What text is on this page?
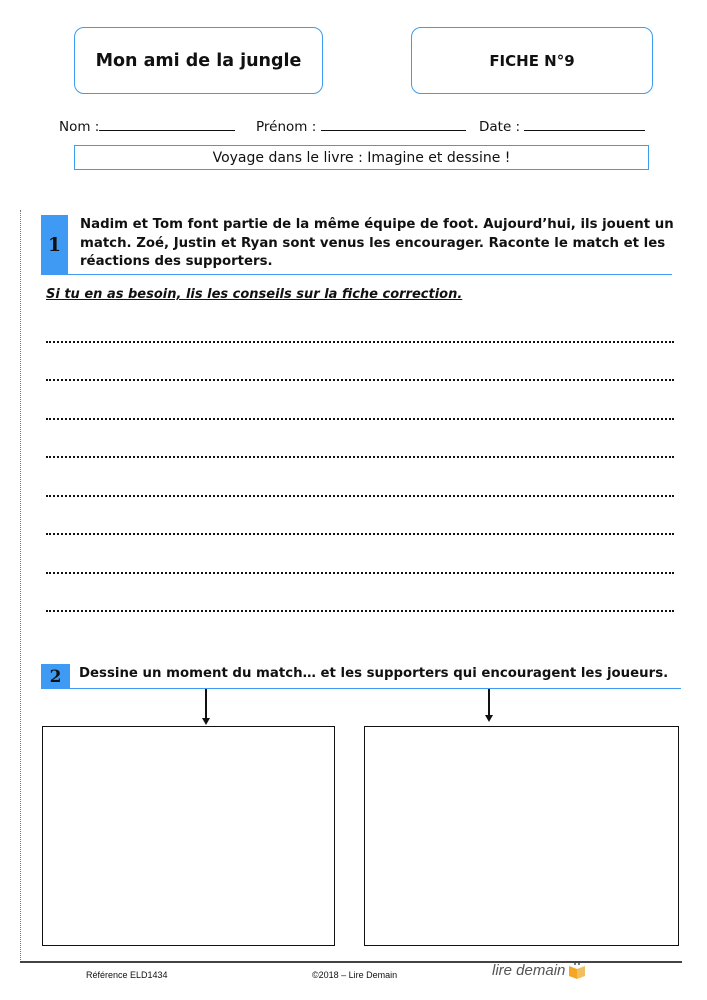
Mon ami de la jungle	FICHE N°9
Nom :	Prénom :	Date :
Voyage dans le livre : Imagine et dessine !
1
Nadim et Tom font partie de la même équipe de foot. Aujourd’hui, ils jouent un match. Zoé, Justin et Ryan sont venus les encourager. Raconte le match et les réactions des supporters.
Si tu en as besoin, lis les conseils sur la fiche correction.
2	Dessine un moment du match… et les supporters qui encouragent les joueurs.
Référence ELD1434	©2018 – Lire Demain	lire demain
